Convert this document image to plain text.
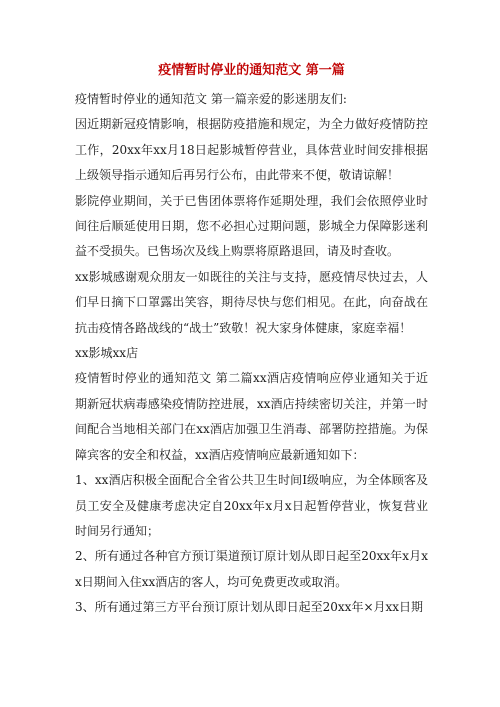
疫情暂时停业的通知范文 第一篇

疫情暂时停业的通知范文 第一篇亲爱的影迷朋友们:

因近期新冠疫情影响，根据防疫措施和规定，为全力做好疫情防控工作，20xx年xx月18日起影城暂停营业，具体营业时间安排根据上级领导指示通知后再另行公布，由此带来不便，敬请谅解！

影院停业期间，关于已售团体票将作延期处理，我们会依照停业时间往后顺延使用日期，您不必担心过期问题，影城全力保障影迷利益不受损失。已售场次及线上购票将原路退回，请及时查收。

xx影城感谢观众朋友一如既往的关注与支持，愿疫情尽快过去，人们早日摘下口罩露出笑容，期待尽快与您们相见。在此，向奋战在抗击疫情各路战线的“战士”致敬！祝大家身体健康，家庭幸福！

xx影城xx店

疫情暂时停业的通知范文 第二篇xx酒店疫情响应停业通知关于近期新冠状病毒感染疫情防控进展，xx酒店持续密切关注，并第一时间配合当地相关部门在xx酒店加强卫生消毒、部署防控措施。为保障宾客的安全和权益，xx酒店疫情响应最新通知如下：

1、xx酒店积极全面配合全省公共卫生时间Ⅰ级响应，为全体顾客及员工安全及健康考虑决定自20xx年x月x日起暂停营业，恢复营业时间另行通知；

2、所有通过各种官方预订渠道预订原计划从即日起至20xx年x月xx日期间入住xx酒店的客人，均可免费更改或取消。

3、所有通过第三方平台预订原计划从即日起至20xx年×月xx日期
